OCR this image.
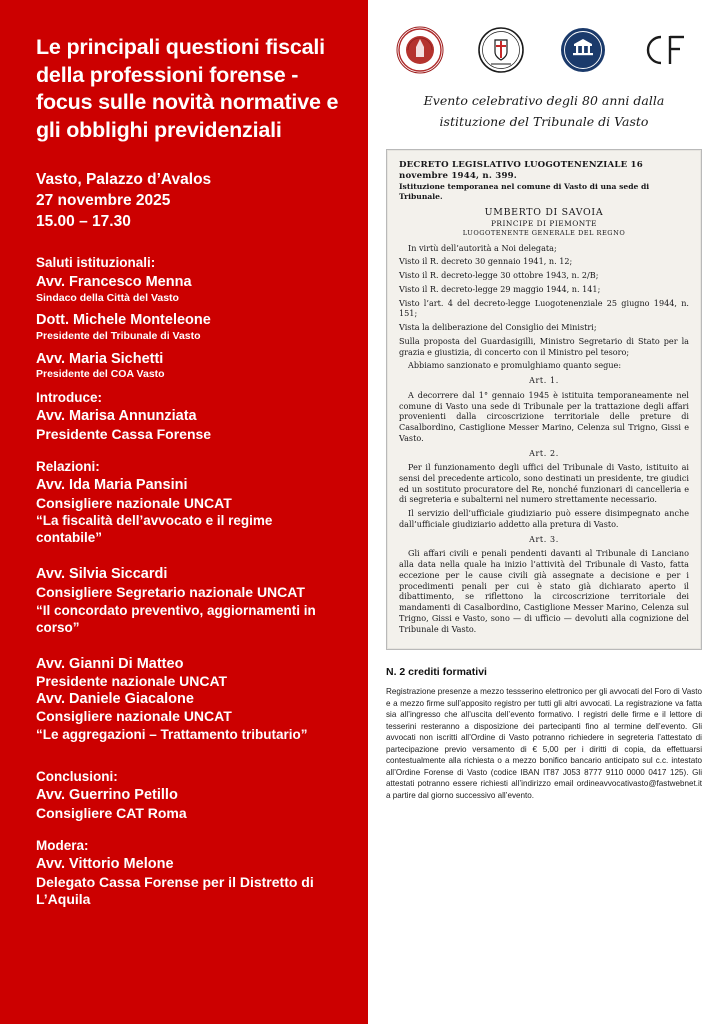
Le principali questioni fiscali della professioni forense - focus sulle novità normative e gli obblighi previdenziali
Vasto, Palazzo d’Avalos
27 novembre 2025
15.00 – 17.30
Saluti istituzionali:
Avv. Francesco Menna
Sindaco della Città del Vasto
Dott. Michele Monteleone
Presidente del Tribunale di Vasto
Avv. Maria Sichetti
Presidente del COA Vasto
Introduce:
Avv. Marisa Annunziata
Presidente Cassa Forense
Relazioni:
Avv. Ida Maria Pansini
Consigliere nazionale UNCAT
“La fiscalità dell’avvocato e il regime contabile”
Avv. Silvia Siccardi
Consigliere Segretario nazionale UNCAT
“Il concordato preventivo, aggiornamenti in corso”
Avv. Gianni Di Matteo
Presidente nazionale UNCAT
Avv. Daniele Giacalone
Consigliere nazionale UNCAT
“Le aggregazioni – Trattamento tributario”
Conclusioni:
Avv. Guerrino Petillo
Consigliere CAT Roma
Modera:
Avv. Vittorio Melone
Delegato Cassa Forense per il Distretto di L’Aquila
Evento celebrativo degli 80 anni dalla
istituzione del Tribunale di Vasto
DECRETO LEGISLATIVO LUOGOTENENZIALE 16 novembre 1944, n. 399.
Istituzione temporanea nel comune di Vasto di una sede di Tribunale.
UMBERTO DI SAVOIA
PRINCIPE DI PIEMONTE
LUOGOTENENTE GENERALE DEL REGNO

In virtù dell’autorità a Noi delegata;

Visto il R. decreto 30 gennaio 1941, n. 12;
Visto il R. decreto-legge 30 ottobre 1943, n. 2/B;
Visto il R. decreto-legge 29 maggio 1944, n. 141;
Visto l’art. 4 del decreto-legge Luogotenenziale 25 giugno 1944, n. 151;
Vista la deliberazione del Consiglio dei Ministri;

Sulla proposta del Guardasigilli, Ministro Segretario di Stato per la grazia e giustizia, di concerto con il Ministro pel tesoro;

Abbiamo sanzionato e promulghiamo quanto segue:

Art. 1.

A decorrere dal 1° gennaio 1945 è istituita temporaneamente nel comune di Vasto una sede di Tribunale per la trattazione degli affari provenienti dalla circoscrizione territoriale delle preture di Casalbordino, Castiglione Messer Marino, Celenza sul Trigno, Gissi e Vasto.

Art. 2.

Per il funzionamento degli uffici del Tribunale di Vasto, istituito ai sensi del precedente articolo, sono destinati un presidente, tre giudici ed un sostituto procuratore del Re, nonché funzionari di cancelleria e di segreteria e subalterni nel numero strettamente necessario.

Il servizio dell’ufficiale giudiziario può essere disimpegnato anche dall’ufficiale giudiziario addetto alla pretura di Vasto.

Art. 3.

Gli affari civili e penali pendenti davanti al Tribunale di Lanciano alla data nella quale ha inizio l’attività del Tribunale di Vasto, fatta eccezione per le cause civili già assegnate a decisione e per i procedimenti penali per cui è stato già dichiarato aperto il dibattimento, se riflettono la circoscrizione territoriale dei mandamenti di Casalbordino, Castiglione Messer Marino, Celenza sul Trigno, Gissi e Vasto, sono — di ufficio — devoluti alla cognizione del Tribunale di Vasto.

N. 2 crediti formativi
Registrazione presenze a mezzo tessserino elettronico per gli avvocati del Foro di Vasto e a mezzo firme sull’apposito registro per tutti gli altri avvocati. La registrazione va fatta sia all’ingresso che all’uscita dell’evento formativo. I registri delle firme e il lettore di tesserini resteranno a disposizione dei partecipanti fino al termine dell’evento. Gli avvocati non iscritti all’Ordine di Vasto potranno richiedere in segreteria l’attestato di partecipazione previo versamento di € 5,00 per i diritti di copia, da effettuarsi contestualmente alla richiesta o a mezzo bonifico bancario anticipato sul c.c. intestato all’Ordine Forense di Vasto (codice IBAN IT87 J053 8777 9110 0000 0417 125). Gli attestati potranno essere richiesti all’indirizzo email ordineavvocativasto@fastwebnet.it a partire dal giorno successivo all’evento.
